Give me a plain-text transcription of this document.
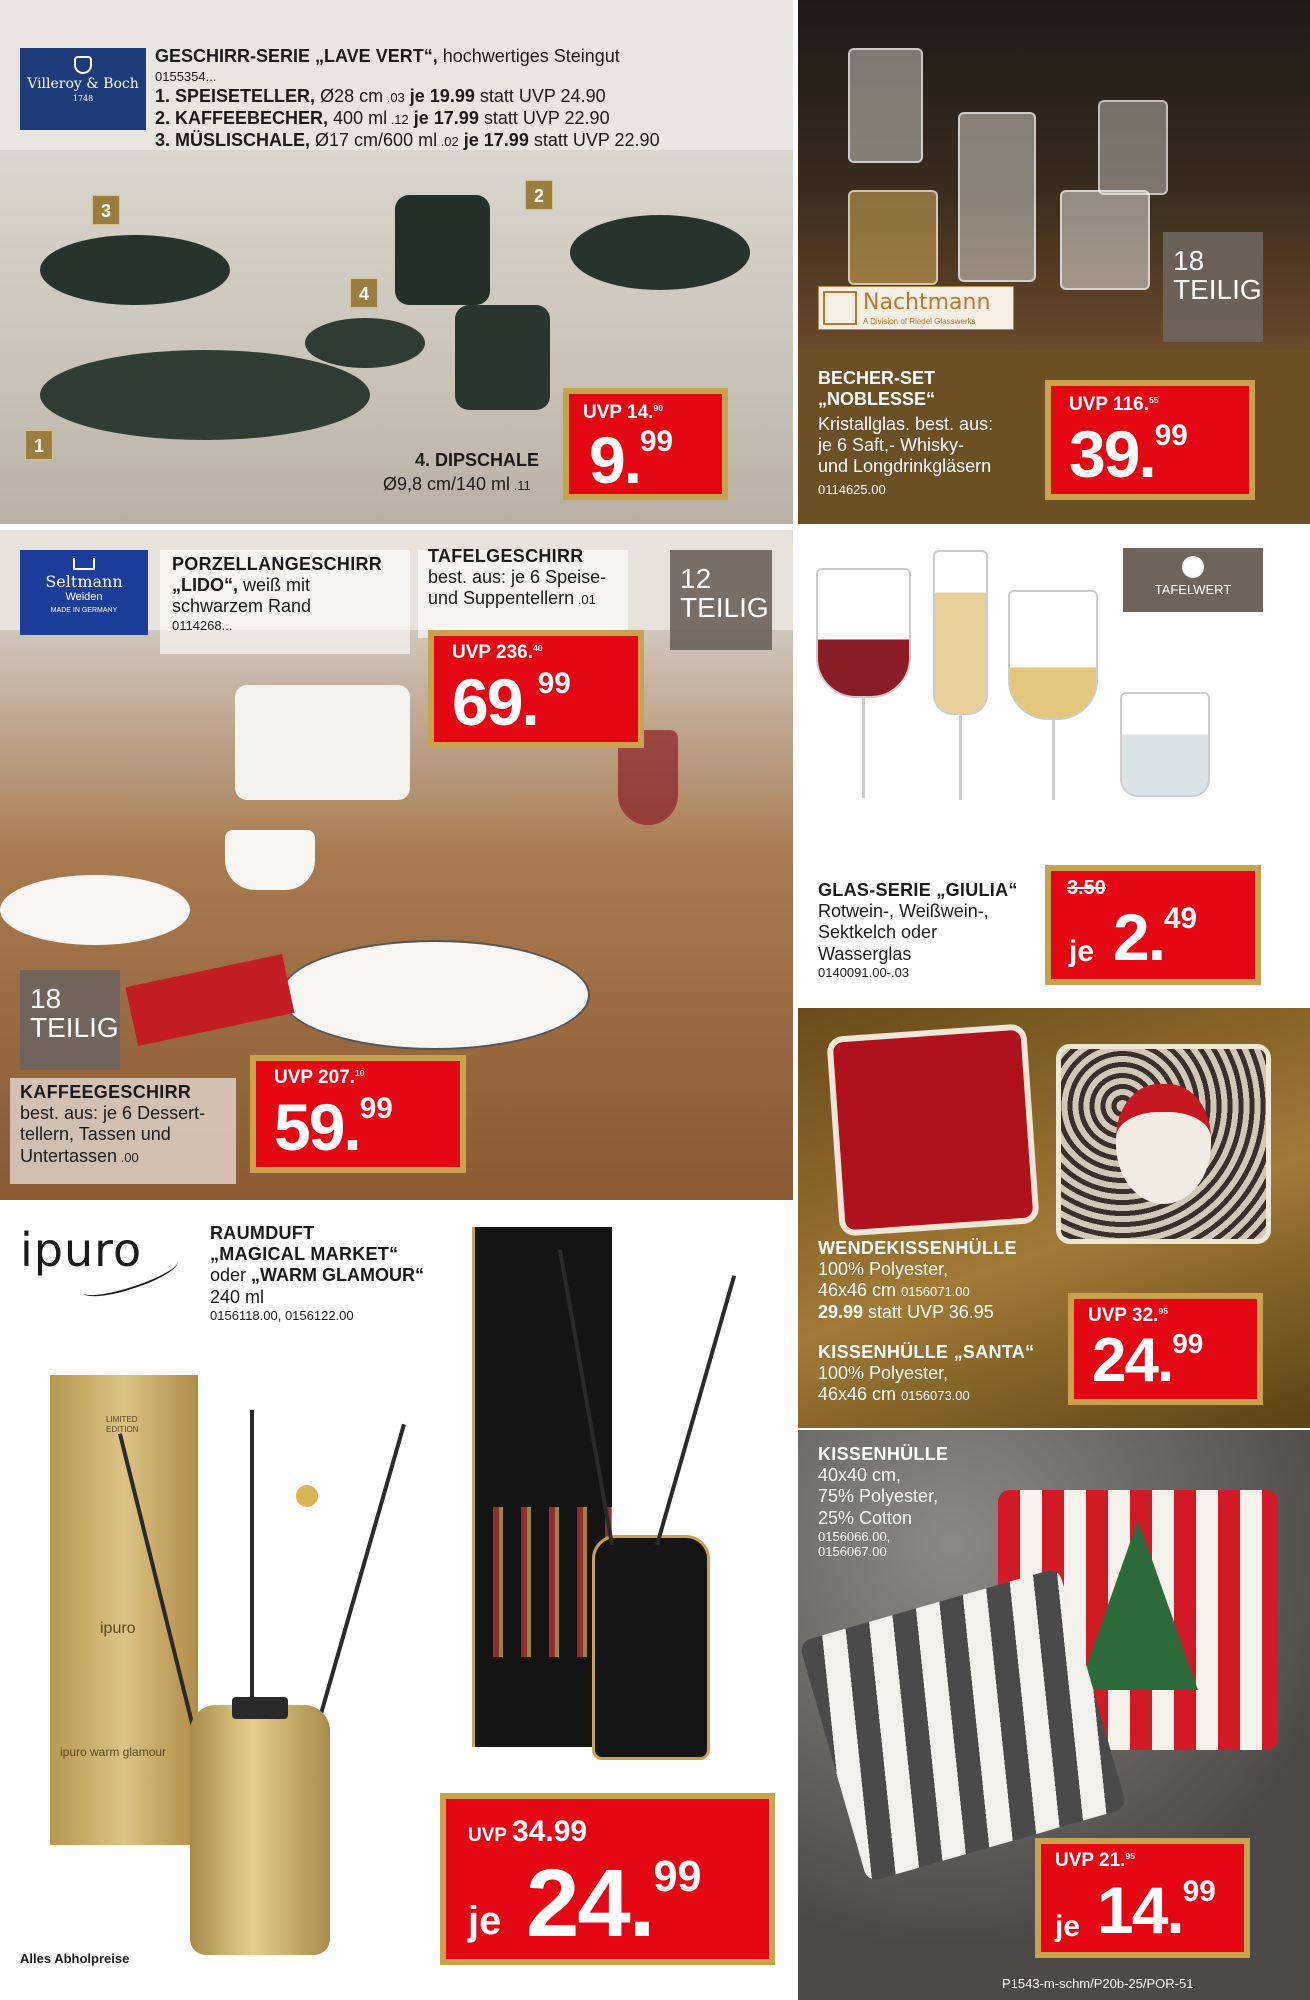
Villeroy & Boch
1748
GESCHIRR-SERIE „LAVE VERT“, hochwertiges Steingut
0155354...
1. SPEISETELLER, Ø28 cm .03 je 19.99 statt UVP 24.90
2. KAFFEEBECHER, 400 ml .12 je 17.99 statt UVP 22.90
3. MÜSLISCHALE, Ø17 cm/600 ml .02 je 17.99 statt UVP 22.90
1
2
3
4
4. DIPSCHALE
Ø9,8 cm/140 ml .11
UVP 14.90
9.99
Nachtmann
A Division of Riedel Glasswerks
18
TEILIG
BECHER-SET
„NOBLESSE“
Kristallglas. best. aus:
je 6 Saft,- Whisky-
und Longdrinkgläsern
0114625.00
UVP 116.55
39.99
Seltmann
Weiden
MADE IN GERMANY
PORZELLANGESCHIRR
„LIDO“, weiß mit
schwarzem Rand
0114268...
TAFELGESCHIRR
best. aus: je 6 Speise-
und Suppentellern .01
12
TEILIG
UVP 236.40
69.99
18
TEILIG
KAFFEEGESCHIRR
best. aus: je 6 Dessert-
tellern, Tassen und
Untertassen .00
UVP 207.10
59.99
TAFELWERT
GLAS-SERIE „GIULIA“
Rotwein-, Weißwein-,
Sektkelch oder
Wasserglas
0140091.00-.03
3.50
je 2.49
WENDEKISSENHÜLLE
100% Polyester,
46x46 cm 0156071.00
29.99 statt UVP 36.95
KISSENHÜLLE „SANTA“
100% Polyester,
46x46 cm 0156073.00
UVP 32.95
24.99
ipuro	RAUMDUFT
„MAGICAL MARKET“
oder „WARM GLAMOUR“
240 ml
0156118.00, 0156122.00
LIMITED
EDITION
ipuro
ipuro warm glamour
UVP 34.99
je 24.99
Alles Abholpreise
KISSENHÜLLE
40x40 cm,
75% Polyester,
25% Cotton
0156066.00,
0156067.00
UVP 21.95
je 14.99
P1543-m-schm/P20b-25/POR-51
